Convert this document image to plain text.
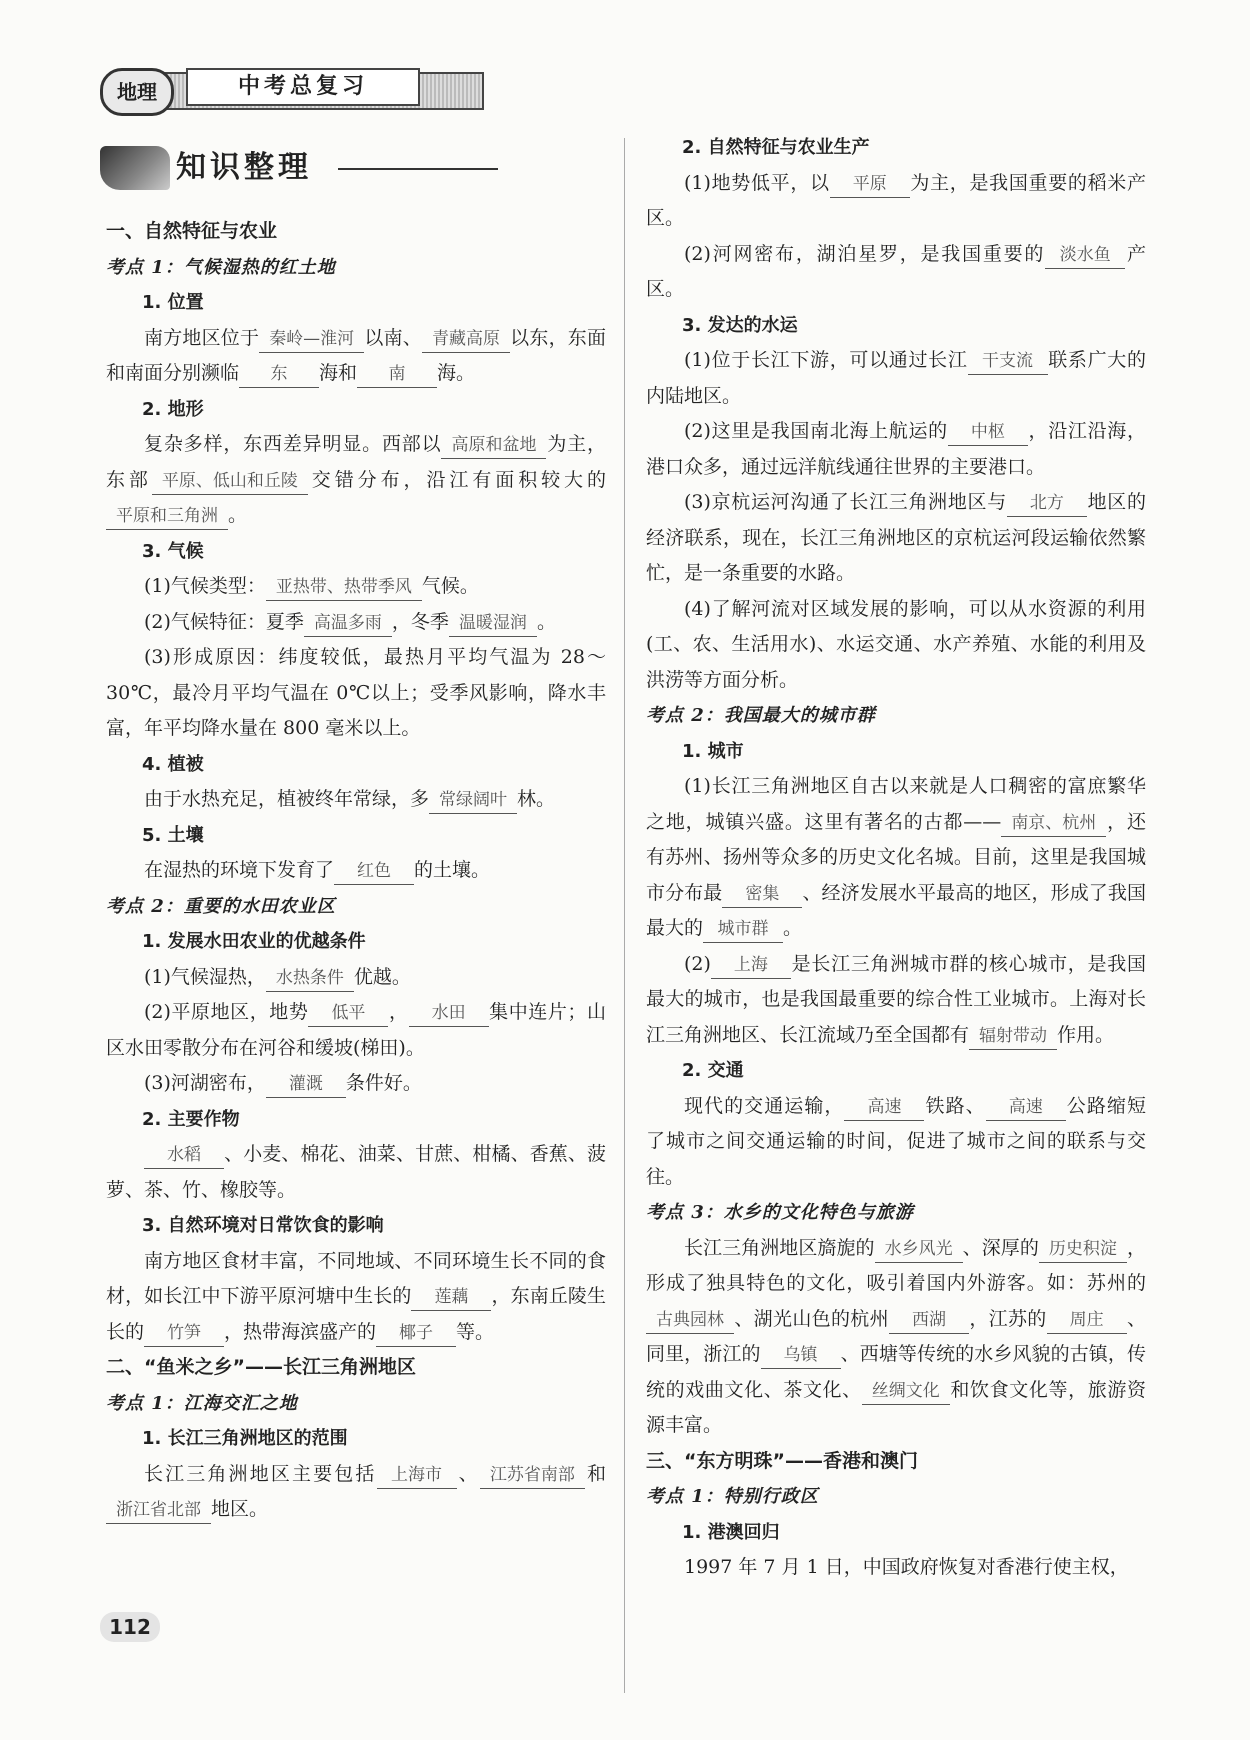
地理	中考总复习
知识整理

一、自然特征与农业

考点 1：气候湿热的红土地

1. 位置

南方地区位于 秦岭—淮河 以南、 青藏高原 以东，东面和南面分别濒临 东 海和 南 海。

2. 地形

复杂多样，东西差异明显。西部以 高原和盆地 为主，东部 平原、低山和丘陵 交错分布，沿江有面积较大的平原和三角洲 。

3. 气候

(1)气候类型： 亚热带、热带季风 气候。

(2)气候特征：夏季 高温多雨 ，冬季 温暖湿润 。

(3)形成原因：纬度较低，最热月平均气温为 28～30℃，最冷月平均气温在 0℃以上；受季风影响，降水丰富，年平均降水量在 800 毫米以上。

4. 植被

由于水热充足，植被终年常绿，多 常绿阔叶 林。

5. 土壤

在湿热的环境下发育了 红色 的土壤。

考点 2：重要的水田农业区

1. 发展水田农业的优越条件

(1)气候湿热， 水热条件 优越。

(2)平原地区，地势 低平 ， 水田 集中连片；山区水田零散分布在河谷和缓坡(梯田)。

(3)河湖密布， 灌溉 条件好。

2. 主要作物

水稻 、小麦、棉花、油菜、甘蔗、柑橘、香蕉、菠萝、茶、竹、橡胶等。

3. 自然环境对日常饮食的影响

南方地区食材丰富，不同地域、不同环境生长不同的食材，如长江中下游平原河塘中生长的 莲藕 ，东南丘陵生长的 竹笋 ，热带海滨盛产的 椰子 等。

二、“鱼米之乡”——长江三角洲地区

考点 1：江海交汇之地

1. 长江三角洲地区的范围

长江三角洲地区主要包括 上海市 、 江苏省南部 和浙江省北部 地区。

2. 自然特征与农业生产

(1)地势低平，以 平原 为主，是我国重要的稻米产区。

(2)河网密布，湖泊星罗，是我国重要的 淡水鱼 产区。

3. 发达的水运

(1)位于长江下游，可以通过长江 干支流 联系广大的内陆地区。

(2)这里是我国南北海上航运的 中枢 ，沿江沿海，港口众多，通过远洋航线通往世界的主要港口。

(3)京杭运河沟通了长江三角洲地区与 北方 地区的经济联系，现在，长江三角洲地区的京杭运河段运输依然繁忙，是一条重要的水路。

(4)了解河流对区域发展的影响，可以从水资源的利用(工、农、生活用水)、水运交通、水产养殖、水能的利用及洪涝等方面分析。

考点 2：我国最大的城市群

1. 城市

(1)长江三角洲地区自古以来就是人口稠密的富庶繁华之地，城镇兴盛。这里有著名的古都—— 南京、杭州 ，还有苏州、扬州等众多的历史文化名城。目前，这里是我国城市分布最 密集 、经济发展水平最高的地区，形成了我国最大的 城市群 。

(2) 上海 是长江三角洲城市群的核心城市，是我国最大的城市，也是我国最重要的综合性工业城市。上海对长江三角洲地区、长江流域乃至全国都有 辐射带动 作用。

2. 交通

现代的交通运输， 高速 铁路、 高速 公路缩短了城市之间交通运输的时间，促进了城市之间的联系与交往。

考点 3：水乡的文化特色与旅游

长江三角洲地区旖旎的 水乡风光 、深厚的 历史积淀 ，形成了独具特色的文化，吸引着国内外游客。如：苏州的古典园林 、湖光山色的杭州 西湖 ，江苏的 周庄 、同里，浙江的 乌镇 、西塘等传统的水乡风貌的古镇，传统的戏曲文化、茶文化、 丝绸文化 和饮食文化等，旅游资源丰富。

三、“东方明珠”——香港和澳门

考点 1：特别行政区

1. 港澳回归

1997 年 7 月 1 日，中国政府恢复对香港行使主权，

112
